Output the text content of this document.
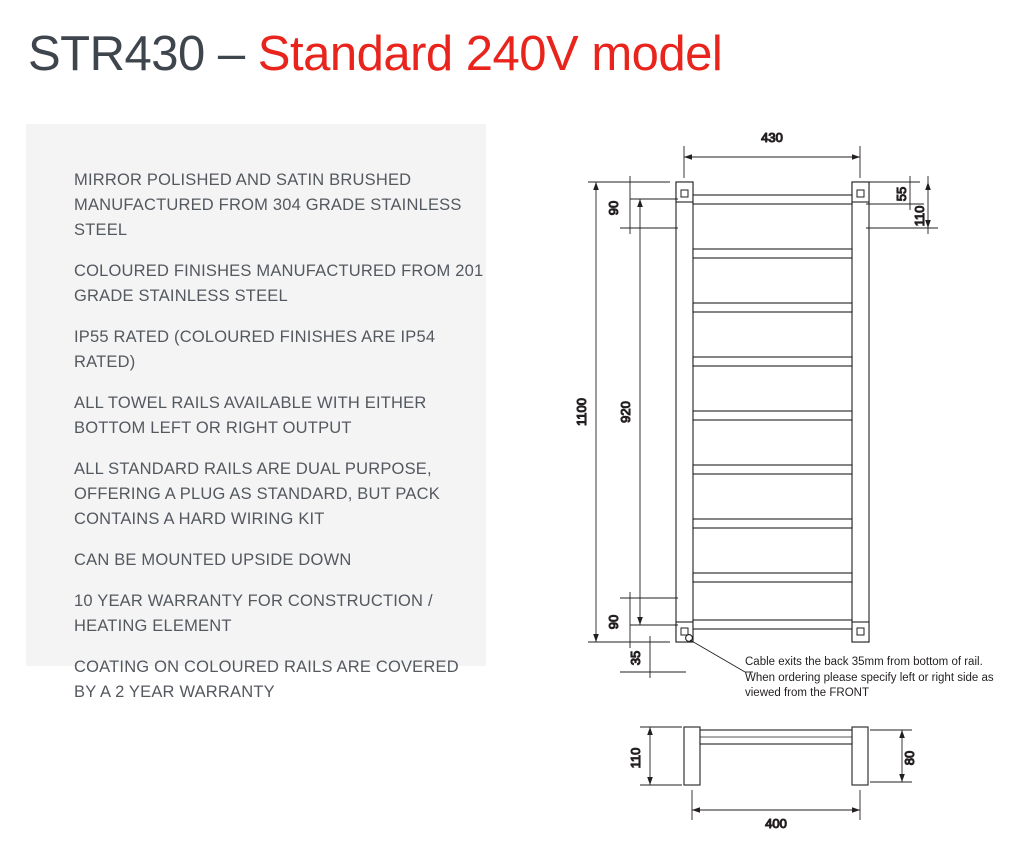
STR430 – Standard 240V model
MIRROR POLISHED AND SATIN BRUSHED MANUFACTURED FROM 304 GRADE STAINLESS STEEL
COLOURED FINISHES MANUFACTURED FROM 201 GRADE STAINLESS STEEL
IP55 RATED (COLOURED FINISHES ARE IP54 RATED)
ALL TOWEL RAILS AVAILABLE WITH EITHER BOTTOM LEFT OR RIGHT OUTPUT
ALL STANDARD RAILS ARE DUAL PURPOSE, OFFERING A PLUG AS STANDARD, BUT PACK CONTAINS A HARD WIRING KIT
CAN BE MOUNTED UPSIDE DOWN
10 YEAR WARRANTY FOR CONSTRUCTION / HEATING ELEMENT
COATING ON COLOURED RAILS ARE COVERED BY A 2 YEAR WARRANTY
430
1100 920
90
55
110
90
35
110	80
400
Cable exits the back 35mm from bottom of rail.
When ordering please specify left or right side as
viewed from the FRONT
